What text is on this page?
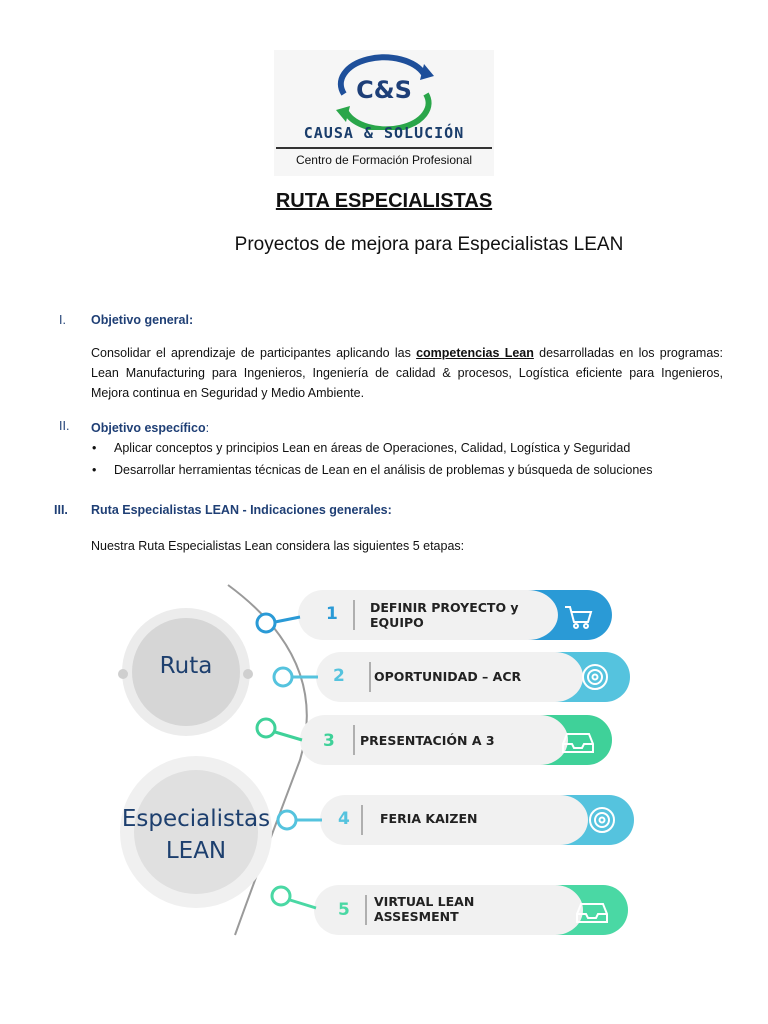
C&S
CAUSA & SOLUCIÓN
Centro de Formación Profesional
RUTA ESPECIALISTAS
Proyectos de mejora para Especialistas LEAN
I. Objetivo general:
Consolidar el aprendizaje de participantes aplicando las competencias Lean desarrolladas en los programas: Lean Manufacturing para Ingenieros, Ingeniería de calidad & procesos, Logística eficiente para Ingenieros, Mejora continua en Seguridad y Medio Ambiente.
II. Objetivo específico:
• Aplicar conceptos y principios Lean en áreas de Operaciones, Calidad, Logística y Seguridad
• Desarrollar herramientas técnicas de Lean en el análisis de problemas y búsqueda de soluciones
III. Ruta Especialistas LEAN - Indicaciones generales:
Nuestra Ruta Especialistas Lean considera las siguientes 5 etapas:
Ruta
Especialistas
LEAN
1	DEFINIR PROYECTO y
EQUIPO
2 OPORTUNIDAD – ACR
3 PRESENTACIÓN A 3
4 FERIA KAIZEN
5 VIRTUAL LEAN
ASSESMENT
